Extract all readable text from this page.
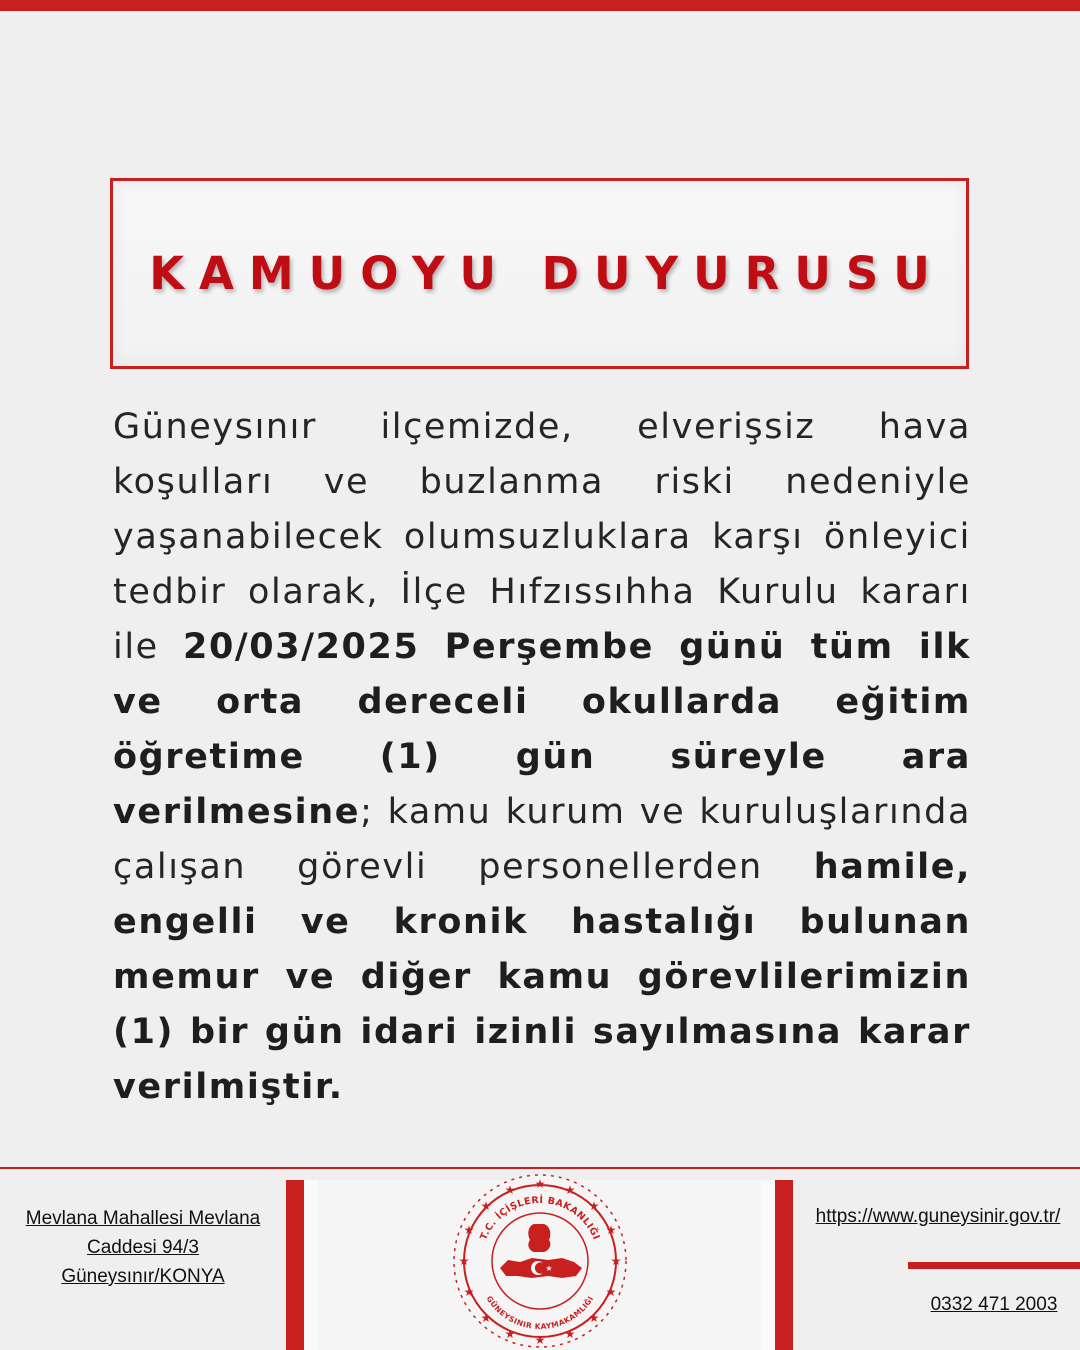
KAMUOYU DUYURUSU

Güneysınır ilçemizde, elverişsiz hava koşulları ve buzlanma riski nedeniyle yaşanabilecek olumsuzluklara karşı önleyici tedbir olarak, İlçe Hıfzıssıhha Kurulu kararı ile 20/03/2025 Perşembe günü tüm ilk ve orta dereceli okullarda eğitim öğretime (1) gün süreyle ara verilmesine; kamu kurum ve kuruluşlarında çalışan görevli personellerden hamile, engelli ve kronik hastalığı bulunan memur ve diğer kamu görevlilerimizin (1) bir gün idari izinli sayılmasına karar verilmiştir.

Mevlana Mahallesi Mevlana
Caddesi 94/3
Güneysınır/KONYA
https://www.guneysinir.gov.tr/
0332 471 2003
★
★
★	★
★	★
★	★
★	★
★	★
★	★
★	★
T.C. İÇİŞLERİ BAKANLIĞI
GÜNEYSINIR KAYMAKAMLIĞI
★
